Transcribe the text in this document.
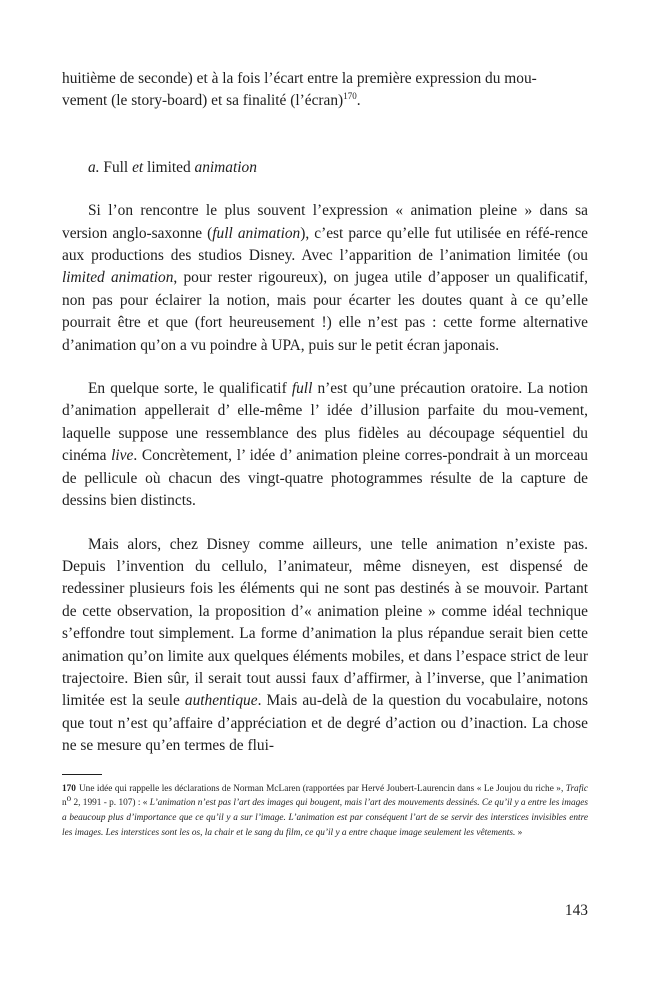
huitième de seconde) et à la fois l’écart entre la première expression du mou-
vement (le story-board) et sa finalité (l’écran)$^{170}$.

a. Full et limited animation

Si l’on rencontre le plus souvent l’expression « animation pleine » dans sa version anglo-saxonne (full animation), c’est parce qu’elle fut utilisée en réfé-rence aux productions des studios Disney. Avec l’apparition de l’animation limitée (ou limited animation, pour rester rigoureux), on jugea utile d’apposer un qualificatif, non pas pour éclairer la notion, mais pour écarter les doutes quant à ce qu’elle pourrait être et que (fort heureusement !) elle n’est pas : cette forme alternative d’animation qu’on a vu poindre à UPA, puis sur le petit écran japonais.

En quelque sorte, le qualificatif full n’est qu’une précaution oratoire. La notion d’animation appellerait d’ elle-même l’ idée d’illusion parfaite du mou-vement, laquelle suppose une ressemblance des plus fidèles au découpage séquentiel du cinéma live. Concrètement, l’ idée d’ animation pleine corres-pondrait à un morceau de pellicule où chacun des vingt-quatre photogrammes résulte de la capture de dessins bien distincts.

Mais alors, chez Disney comme ailleurs, une telle animation n’existe pas. Depuis l’invention du cellulo, l’animateur, même disneyen, est dispensé de redessiner plusieurs fois les éléments qui ne sont pas destinés à se mouvoir. Partant de cette observation, la proposition d’« animation pleine » comme idéal technique s’effondre tout simplement. La forme d’animation la plus répandue serait bien cette animation qu’on limite aux quelques éléments mobiles, et dans l’espace strict de leur trajectoire. Bien sûr, il serait tout aussi faux d’affirmer, à l’inverse, que l’animation limitée est la seule authentique. Mais au-delà de la question du vocabulaire, notons que tout n’est qu’affaire d’appréciation et de degré d’action ou d’inaction. La chose ne se mesure qu’en termes de flui-

170 Une idée qui rappelle les déclarations de Norman McLaren (rapportées par Hervé Joubert-Laurencin dans « Le Joujou du riche », Trafic $n^o$ 2, 1991 - p. 107) : « L’animation n’est pas l’art des images qui bougent, mais l’art des mouvements dessinés. Ce qu’il y a entre les images a beaucoup plus d’importance que ce qu’il y a sur l’image. L’animation est par conséquent l’art de se servir des interstices invisibles entre les images. Les interstices sont les os, la chair et le sang du film, ce qu’il y a entre chaque image seulement les vêtements. »

143
